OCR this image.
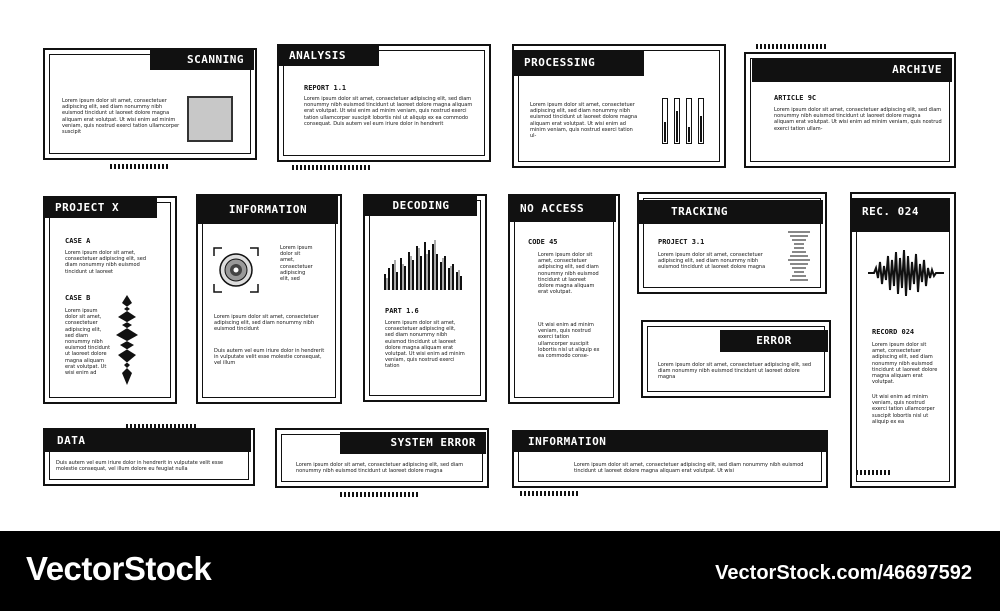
SCANNING
Lorem ipsum dolor sit amet, consectetuer adipiscing elit, sed diam nonummy nibh euismod tincidunt ut laoreet dolore magna aliquam erat volutpat. Ut wisi enim ad minim veniam, quis nostrud exerci tation ullamcorper suscipit
ANALYSIS
REPORT 1.1
Lorem ipsum dolor sit amet, consectetuer adipiscing elit, sed diam nonummy nibh euismod tincidunt ut laoreet dolore magna aliquam erat volutpat. Ut wisi enim ad minim veniam, quis nostrud exerci tation ullamcorper suscipit lobortis nisl ut aliquip ex ea commodo consequat. Duis autem vel eum iriure dolor in hendrerit
PROCESSING
Lorem ipsum dolor sit amet, consectetuer adipiscing elit, sed diam nonummy nibh euismod tincidunt ut laoreet dolore magna aliquam erat volutpat. Ut wisi enim ad minim veniam, quis nostrud exerci tation ul-
ARCHIVE
ARTICLE 9C
Lorem ipsum dolor sit amet, consectetuer adipiscing elit, sed diam nonummy nibh euismod tincidunt ut laoreet dolore magna aliquam erat volutpat. Ut wisi enim ad minim veniam, quis nostrud exerci tation ullam-
PROJECT X
CASE A
Lorem ipsum dolor sit amet, consectetuer adipiscing elit, sed diam nonummy nibh euismod tincidunt ut laoreet
CASE B
Lorem ipsum dolor sit amet, consectetuer adipiscing elit, sed diam nonummy nibh euismod tincidunt ut laoreet dolore magna aliquam erat volutpat. Ut wisi enim ad
INFORMATION
Lorem ipsum dolor sit amet, consectetuer adipiscing elit, sed
Lorem ipsum dolor sit amet, consectetuer adipiscing elit, sed diam nonummy nibh euismod tincidunt
Duis autem vel eum iriure dolor in hendrerit in vulputate velit esse molestie consequat, vel illum
DECODING
PART 1.6
Lorem ipsum dolor sit amet, consectetuer adipiscing elit, sed diam nonummy nibh euismod tincidunt ut laoreet dolore magna aliquam erat volutpat. Ut wisi enim ad minim veniam, quis nostrud exerci tation
NO ACCESS
CODE 45
Lorem ipsum dolor sit amet, consectetuer adipiscing elit, sed diam nonummy nibh euismod tincidunt ut laoreet dolore magna aliquam erat volutpat.
Ut wisi enim ad minim veniam, quis nostrud exerci tation ullamcorper suscipit lobortis nisl ut aliquip ex ea commodo conse-
TRACKING
PROJECT 3.1
Lorem ipsum dolor sit amet, consectetuer adipiscing elit, sed diam nonummy nibh euismod tincidunt ut laoreet dolore magna
ERROR
Lorem ipsum dolor sit amet, consectetuer adipiscing elit, sed diam nonummy nibh euismod tincidunt ut laoreet dolore magna
REC. 024
RECORD 024
Lorem ipsum dolor sit amet, consectetuer adipiscing elit, sed diam nonummy nibh euismod tincidunt ut laoreet dolore magna aliquam erat volutpat.
Ut wisi enim ad minim veniam, quis nostrud exerci tation ullamcorper suscipit lobortis nisl ut aliquip ex ea
DATA
Duis autem vel eum iriure dolor in hendrerit in vulputate velit esse molestie consequat, vel illum dolore eu feugiat nulla
SYSTEM ERROR
Lorem ipsum dolor sit amet, consectetuer adipiscing elit, sed diam nonummy nibh euismod tincidunt ut laoreet dolore magna
INFORMATION
Lorem ipsum dolor sit amet, consectetuer adipiscing elit, sed diam nonummy nibh euismod tincidunt ut laoreet dolore magna aliquam erat volutpat. Ut wisi
VectorStock	VectorStock.com/46697592
